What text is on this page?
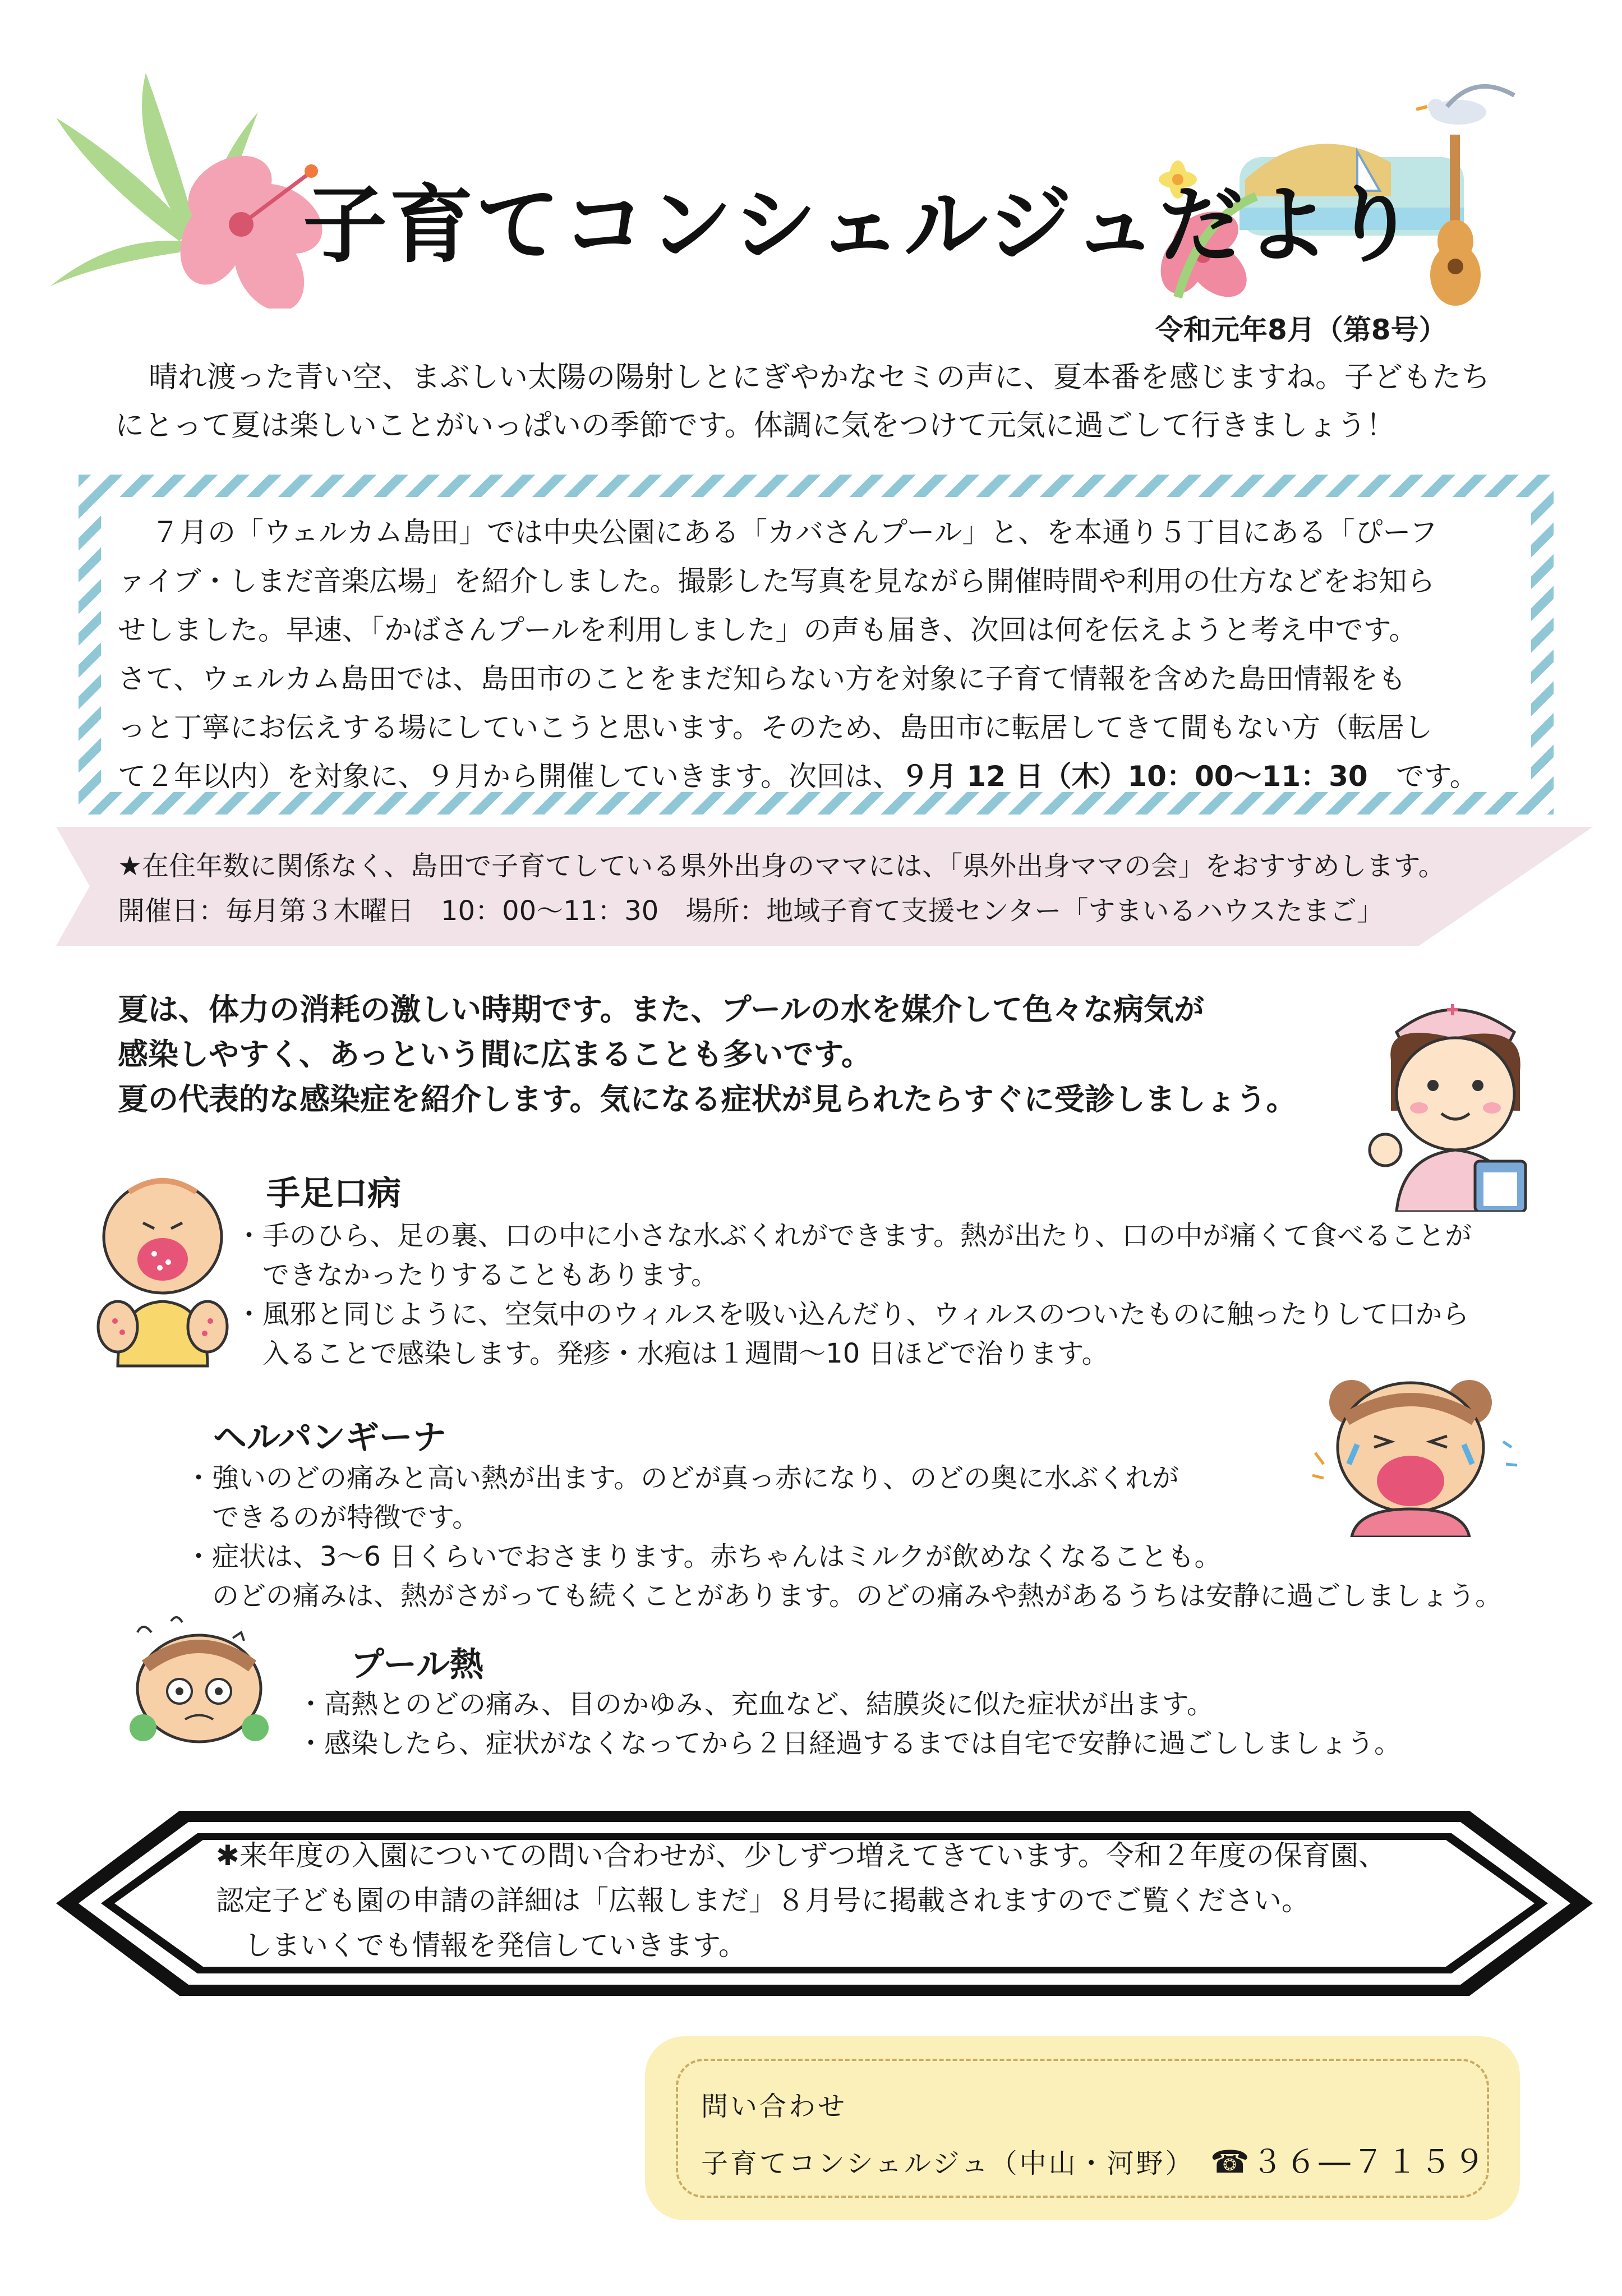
子育てコンシェルジュだより
令和元年8月（第8号）

晴れ渡った青い空、まぶしい太陽の陽射しとにぎやかなセミの声に、夏本番を感じますね。子どもたち

にとって夏は楽しいことがいっぱいの季節です。体調に気をつけて元気に過ごして行きましょう！

７月の「ウェルカム島田」では中央公園にある「カバさんプール」と、を本通り５丁目にある「ぴーフ

ァイブ・しまだ音楽広場」を紹介しました。撮影した写真を見ながら開催時間や利用の仕方などをお知ら

せしました。早速、「かばさんプールを利用しました」の声も届き、次回は何を伝えようと考え中です。

さて、ウェルカム島田では、島田市のことをまだ知らない方を対象に子育て情報を含めた島田情報をも

っと丁寧にお伝えする場にしていこうと思います。そのため、島田市に転居してきて間もない方（転居し

て２年以内）を対象に、９月から開催していきます。次回は、９月 12 日（木）10：00～11：30　です。

★在住年数に関係なく、島田で子育てしている県外出身のママには、「県外出身ママの会」をおすすめします。

開催日：毎月第３木曜日　10：00～11：30　場所：地域子育て支援センター「すまいるハウスたまご」

夏は、体力の消耗の激しい時期です。また、プールの水を媒介して色々な病気が

感染しやすく、あっという間に広まることも多いです。

夏の代表的な感染症を紹介します。気になる症状が見られたらすぐに受診しましょう。

手足口病

・手のひら、足の裏、口の中に小さな水ぶくれができます。熱が出たり、口の中が痛くて食べることが

　できなかったりすることもあります。

・風邪と同じように、空気中のウィルスを吸い込んだり、ウィルスのついたものに触ったりして口から

　入ることで感染します。発疹・水疱は１週間～10 日ほどで治ります。

ヘルパンギーナ

・強いのどの痛みと高い熱が出ます。のどが真っ赤になり、のどの奥に水ぶくれが

　できるのが特徴です。

・症状は、3～6 日くらいでおさまります。赤ちゃんはミルクが飲めなくなることも。

　のどの痛みは、熱がさがっても続くことがあります。のどの痛みや熱があるうちは安静に過ごしましょう。

プール熱

・高熱とのどの痛み、目のかゆみ、充血など、結膜炎に似た症状が出ます。

・感染したら、症状がなくなってから２日経過するまでは自宅で安静に過ごししましょう。

✱来年度の入園についての問い合わせが、少しずつ増えてきています。令和２年度の保育園、

認定子ども園の申請の詳細は「広報しまだ」８月号に掲載されますのでご覧ください。

　しまいくでも情報を発信していきます。

問い合わせ

子育てコンシェルジュ（中山・河野）　 ☎３６―７１５９
